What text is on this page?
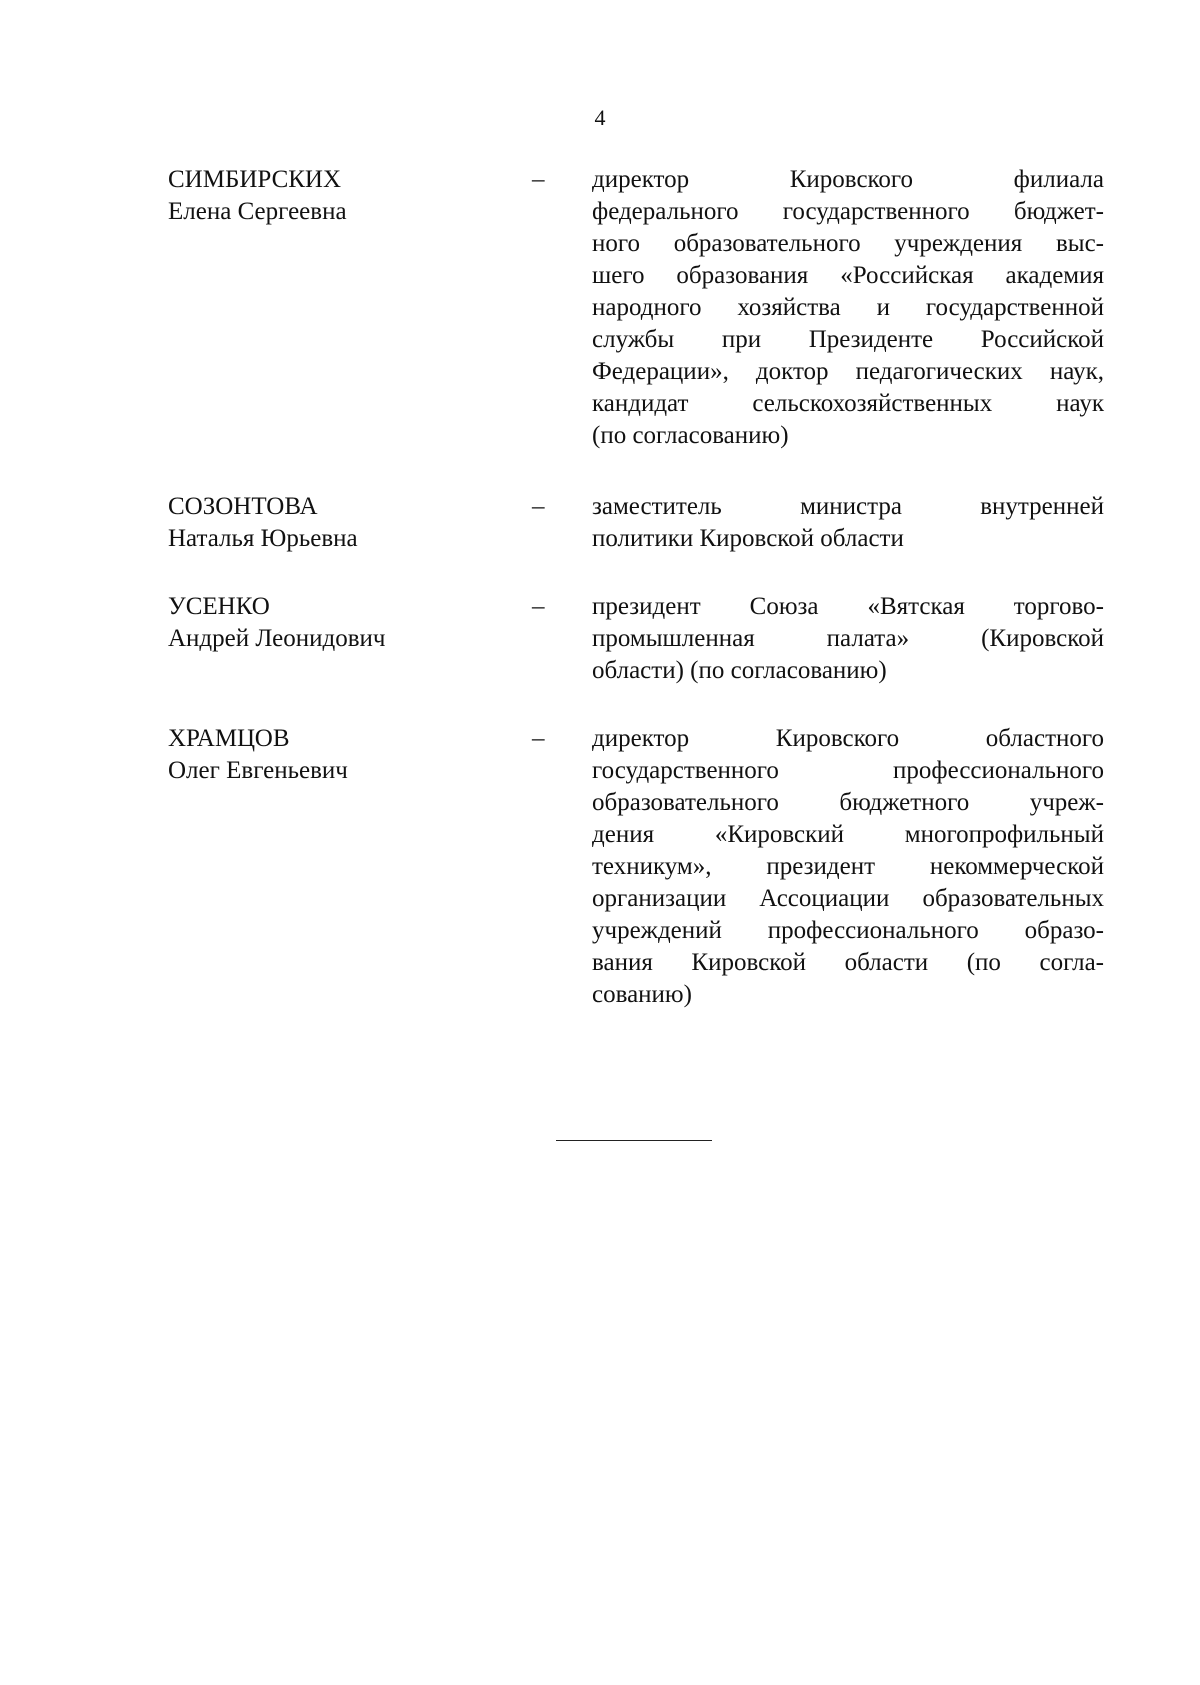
4
СИМБИРСКИХ
Елена Сергеевна
– директор Кировского филиала
федерального государственного бюджет-
ного образовательного учреждения выс-
шего образования «Российская академия
народного хозяйства и государственной
службы при Президенте Российской
Федерации», доктор педагогических наук,
кандидат сельскохозяйственных наук
(по согласованию)
СОЗОНТОВА
Наталья Юрьевна
– заместитель министра внутренней
политики Кировской области
УСЕНКО
Андрей Леонидович
– президент Союза «Вятская торгово-
промышленная палата» (Кировской
области) (по согласованию)
ХРАМЦОВ
Олег Евгеньевич
– директор Кировского областного
государственного профессионального
образовательного бюджетного учреж-
дения «Кировский многопрофильный
техникум», президент некоммерческой
организации Ассоциации образовательных
учреждений профессионального образо-
вания Кировской области (по согла-
сованию)
